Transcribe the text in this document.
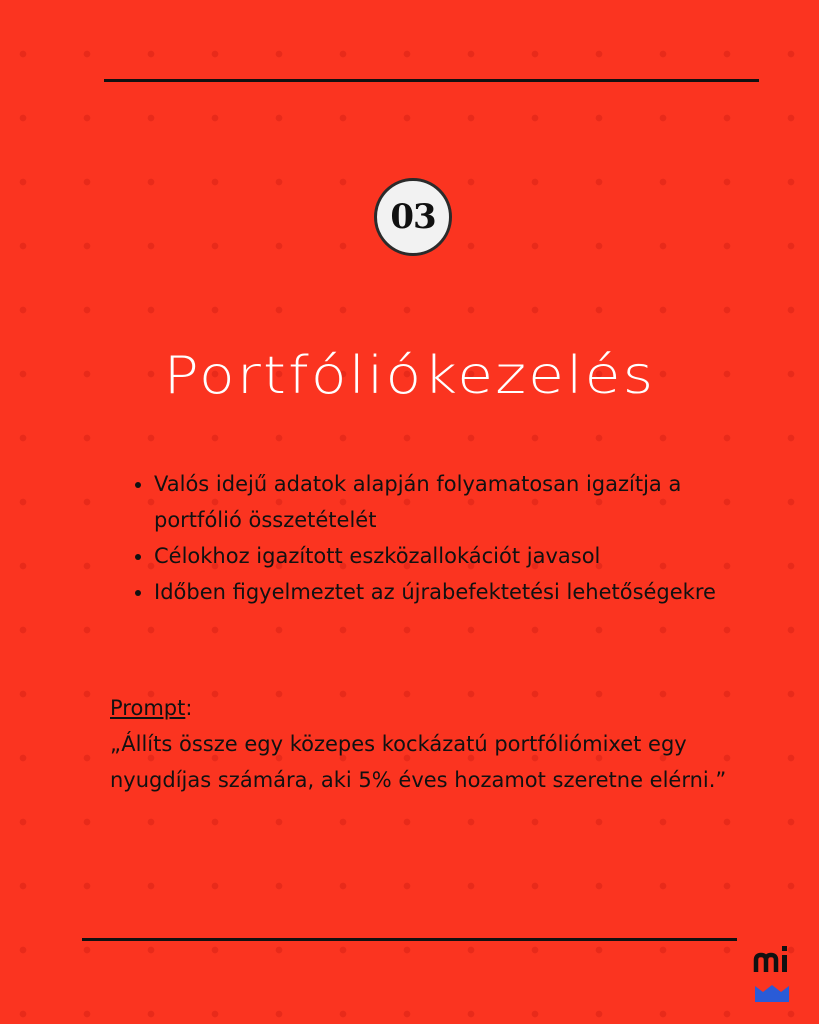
03
Portfóliókezelés
• Valós idejű adatok alapján folyamatosan igazítja a portfólió összetételét
• Célokhoz igazított eszközallokációt javasol
• Időben figyelmeztet az újrabefektetési lehetőségekre
Prompt:
„Állíts össze egy közepes kockázatú portfóliómixet egy nyugdíjas számára, aki 5% éves hozamot szeretne elérni.”
